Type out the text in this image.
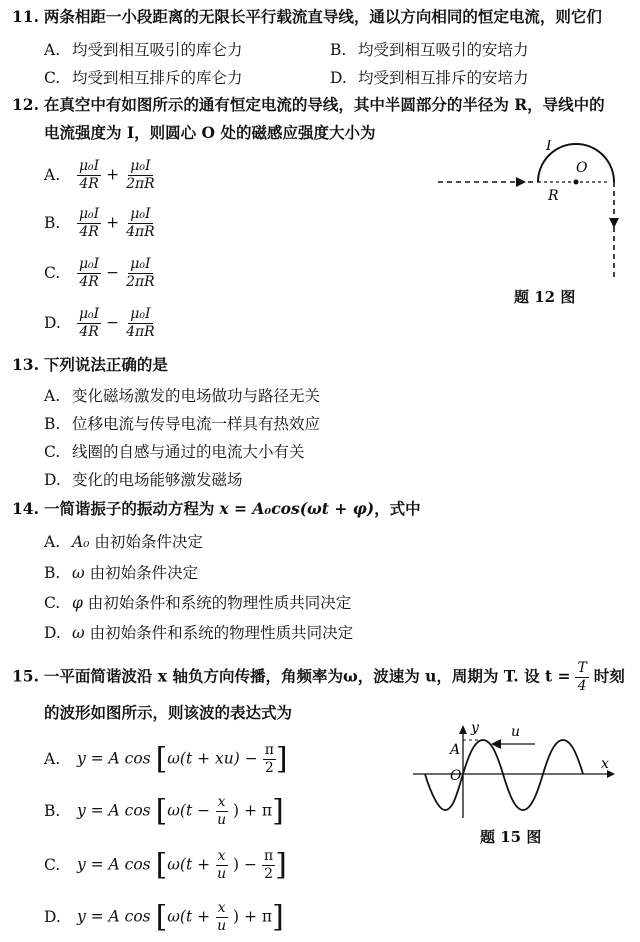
11. 两条相距一小段距离的无限长平行载流直导线，通以方向相同的恒定电流，则它们
A. 均受到相互吸引的库仑力	B. 均受到相互吸引的安培力
C. 均受到相互排斥的库仑力	D. 均受到相互排斥的安培力
12. 在真空中有如图所示的通有恒定电流的导线，其中半圆部分的半径为 R，导线中的
电流强度为 I，则圆心 O 处的磁感应强度大小为
A. $\frac{\text{μ₀I}}{4R} + \frac{\text{μ₀I}}{2\pi R}$
B. $\frac{\text{μ₀I}}{4R} + \frac{\text{μ₀I}}{4\pi R}$
C. $\frac{\text{μ₀I}}{4R} - \frac{\text{μ₀I}}{2\pi R}$
D. $\frac{\text{μ₀I}}{4R} - \frac{\text{μ₀I}}{4\pi R}$
I
O
R
题 12 图
13. 下列说法正确的是
A. 变化磁场激发的电场做功与路径无关
B. 位移电流与传导电流一样具有热效应
C. 线圈的自感与通过的电流大小有关
D. 变化的电场能够激发磁场
14. 一简谐振子的振动方程为 x = A₀cos(ωt + φ)，式中
A. A₀ 由初始条件决定
B. ω 由初始条件决定
C. φ 由初始条件和系统的物理性质共同决定
D. ω 由初始条件和系统的物理性质共同决定
15. 一平面简谐波沿 x 轴负方向传播，角频率为ω，波速为 u，周期为 T. 设 $t = \frac{T}{4}$ 时刻
的波形如图所示，则该波的表达式为
A. y = A $\cos [\omega(t + xu) - \frac{\pi}{2}$ ]
B. y = A $\cos [\omega(t - \frac{x}{u}$ ) + π]
C. y = A $\cos [\omega(t + \frac{x}{u}$ ) − $\frac{\pi}{2}$ ]
D. y = A $\cos [\omega(t + \frac{x}{u}$ ) + π]
y u
A
O
x
题 15 图
